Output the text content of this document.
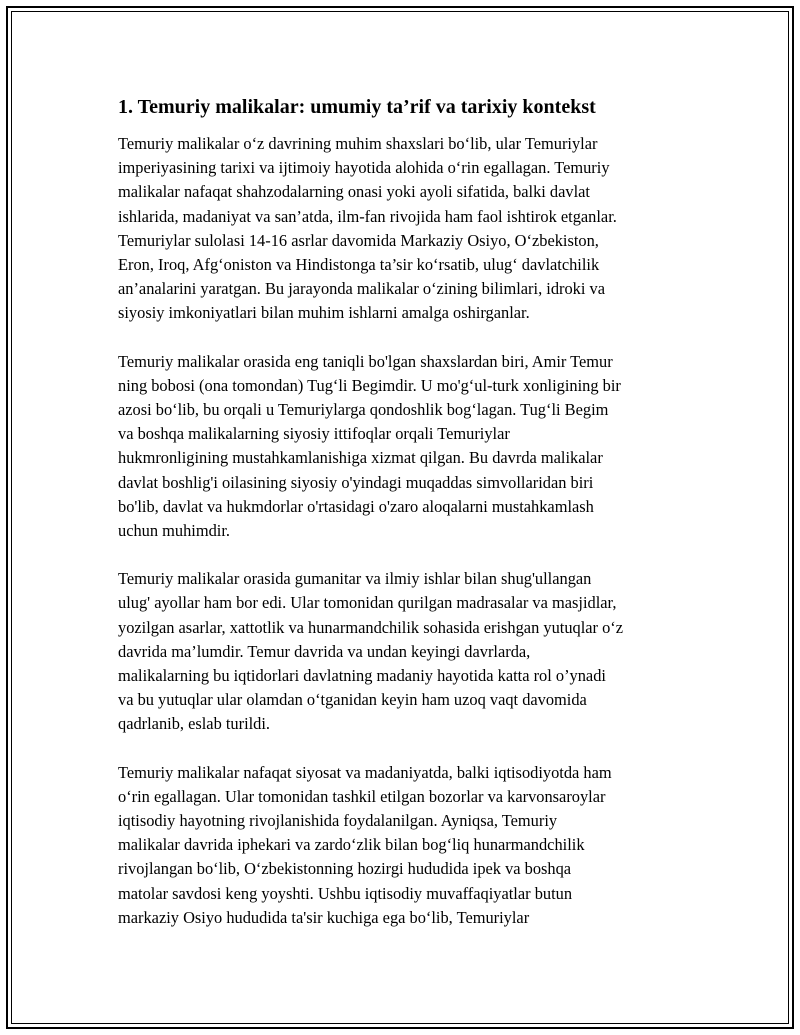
1. Temuriy malikalar: umumiy ta’rif va tarixiy kontekst

Temuriy malikalar o‘z davrining muhim shaxslari bo‘lib, ular Temuriylar
imperiyasining tarixi va ijtimoiy hayotida alohida o‘rin egallagan. Temuriy
malikalar nafaqat shahzodalarning onasi yoki ayoli sifatida, balki davlat
ishlarida, madaniyat va san’atda, ilm-fan rivojida ham faol ishtirok etganlar.
Temuriylar sulolasi 14-16 asrlar davomida Markaziy Osiyo, O‘zbekiston,
Eron, Iroq, Afg‘oniston va Hindistonga ta’sir ko‘rsatib, ulug‘ davlatchilik
an’analarini yaratgan. Bu jarayonda malikalar o‘zining bilimlari, idroki va
siyosiy imkoniyatlari bilan muhim ishlarni amalga oshirganlar.

Temuriy malikalar orasida eng taniqli bo'lgan shaxslardan biri, Amir Temur
ning bobosi (ona tomondan) Tug‘li Begimdir. U mo'g‘ul-turk xonligining bir
azosi bo‘lib, bu orqali u Temuriylarga qondoshlik bog‘lagan. Tug‘li Begim
va boshqa malikalarning siyosiy ittifoqlar orqali Temuriylar
hukmronligining mustahkamlanishiga xizmat qilgan. Bu davrda malikalar
davlat boshlig'i oilasining siyosiy o'yindagi muqaddas simvollaridan biri
bo'lib, davlat va hukmdorlar o'rtasidagi o'zaro aloqalarni mustahkamlash
uchun muhimdir.

Temuriy malikalar orasida gumanitar va ilmiy ishlar bilan shug'ullangan
ulug' ayollar ham bor edi. Ular tomonidan qurilgan madrasalar va masjidlar,
yozilgan asarlar, xattotlik va hunarmandchilik sohasida erishgan yutuqlar o‘z
davrida ma’lumdir. Temur davrida va undan keyingi davrlarda,
malikalarning bu iqtidorlari davlatning madaniy hayotida katta rol o’ynadi
va bu yutuqlar ular olamdan o‘tganidan keyin ham uzoq vaqt davomida
qadrlanib, eslab turildi.

Temuriy malikalar nafaqat siyosat va madaniyatda, balki iqtisodiyotda ham
o‘rin egallagan. Ular tomonidan tashkil etilgan bozorlar va karvonsaroylar
iqtisodiy hayotning rivojlanishida foydalanilgan. Ayniqsa, Temuriy
malikalar davrida iphekari va zardo‘zlik bilan bog‘liq hunarmandchilik
rivojlangan bo‘lib, O‘zbekistonning hozirgi hududida ipek va boshqa
matolar savdosi keng yoyshti. Ushbu iqtisodiy muvaffaqiyatlar butun
markaziy Osiyo hududida ta'sir kuchiga ega bo‘lib, Temuriylar
